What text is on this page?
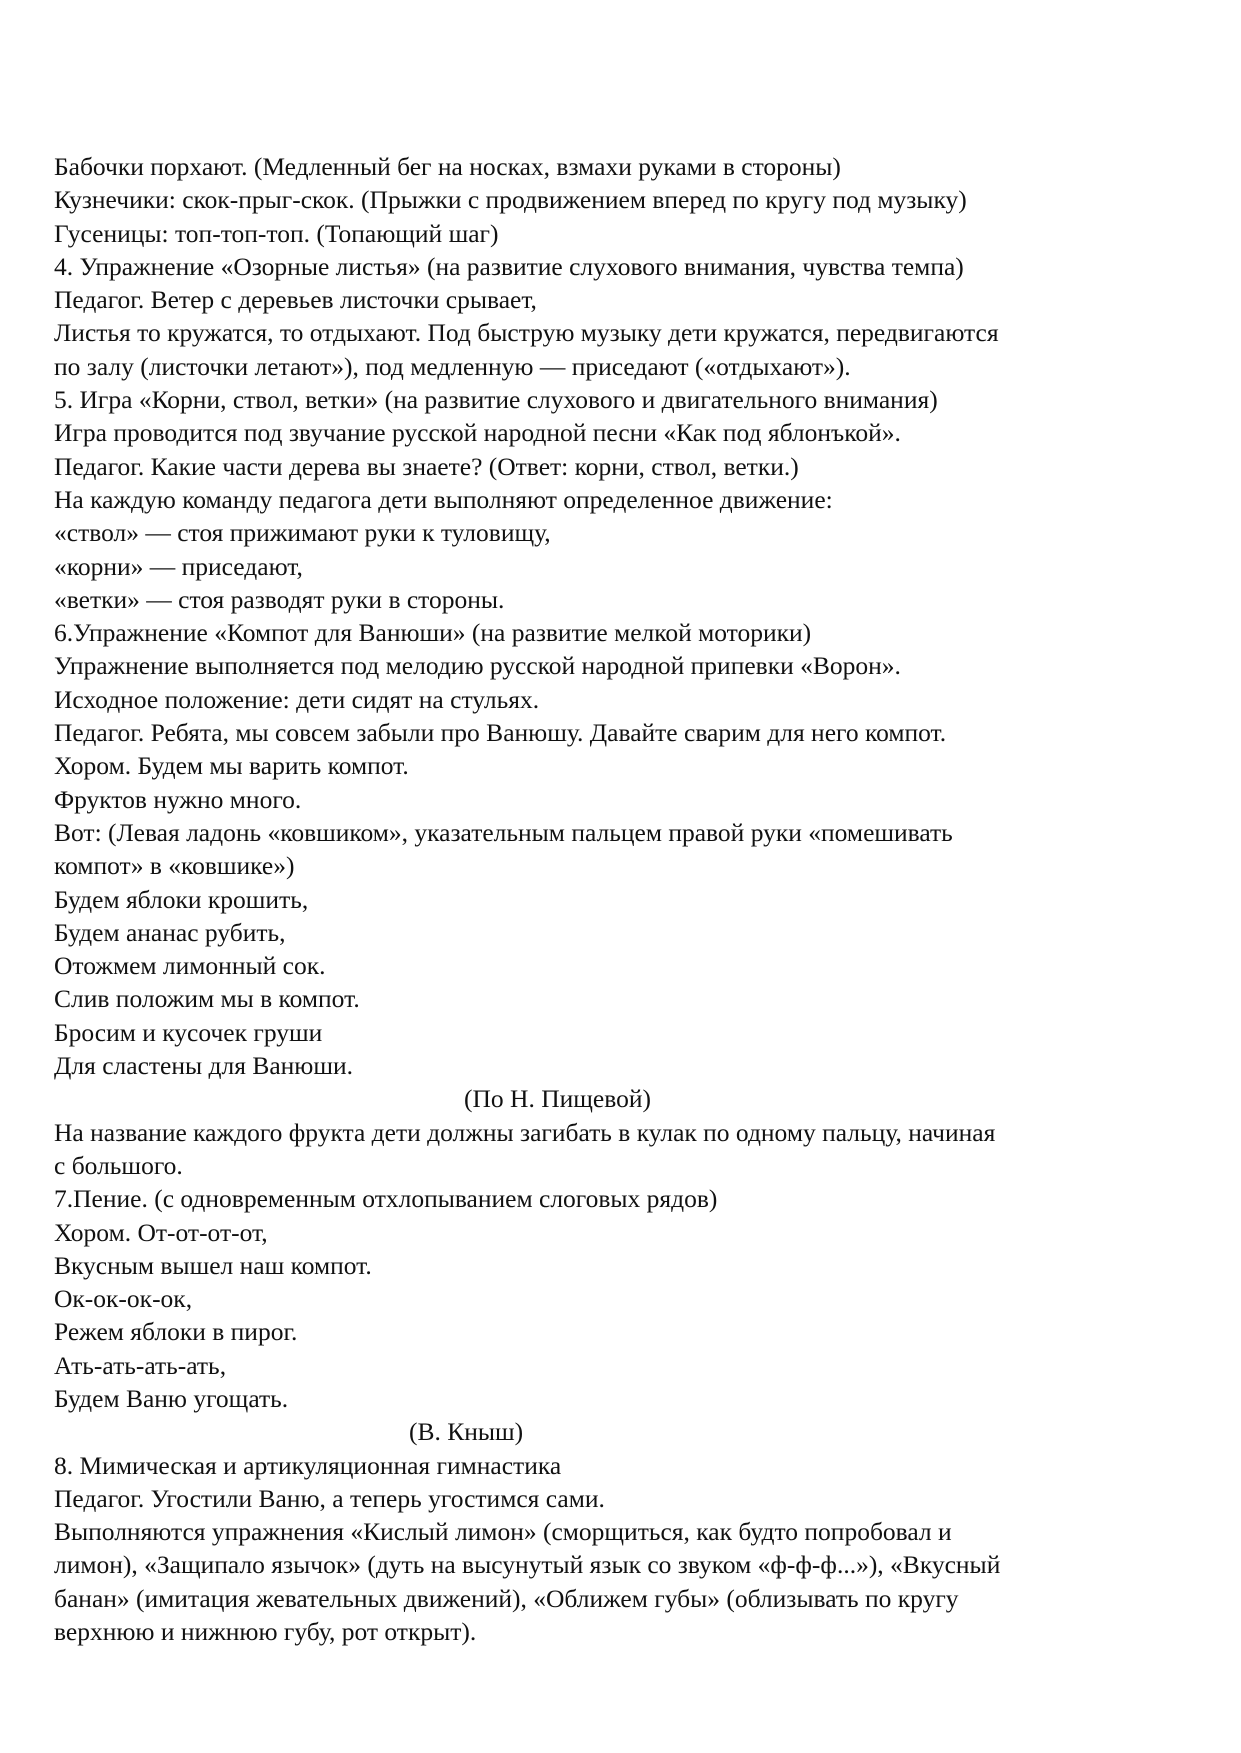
Бабочки порхают. (Медленный бег на носках, взмахи руками в стороны)
Кузнечики: скок-прыг-скок. (Прыжки с продвижением вперед по кругу под музыку)
Гусеницы: топ-топ-топ. (Топающий шаг)
4. Упражнение «Озорные листья» (на развитие слухового внимания, чувства темпа)
Педагог. Ветер с деревьев листочки срывает,
Листья то кружатся, то отдыхают. Под быструю музыку дети кружатся, передвигаются
по залу (листочки летают»), под медленную — приседают («отдыхают»).
5. Игра «Корни, ствол, ветки» (на развитие слухового и двигательного внимания)
Игра проводится под звучание русской народной песни «Как под яблонъкой».
Педагог. Какие части дерева вы знаете? (Ответ: корни, ствол, ветки.)
На каждую команду педагога дети выполняют определенное движение:
«ствол» — стоя прижимают руки к туловищу,
«корни» — приседают,
«ветки» — стоя разводят руки в стороны.
6.Упражнение «Компот для Ванюши» (на развитие мелкой моторики)
Упражнение выполняется под мелодию русской народной припевки «Ворон».
Исходное положение: дети сидят на стульях.
Педагог. Ребята, мы совсем забыли про Ванюшу. Давайте сварим для него компот.
Хором. Будем мы варить компот.
Фруктов нужно много.
Вот: (Левая ладонь «ковшиком», указательным пальцем правой руки «помешивать
компот» в «ковшике»)
Будем яблоки крошить,
Будем ананас рубить,
Отожмем лимонный сок.
Слив положим мы в компот.
Бросим и кусочек груши
Для сластены для Ванюши.
(По Н. Пищевой)
На название каждого фрукта дети должны загибать в кулак по одному пальцу, начиная
с большого.
7.Пение. (с одновременным отхлопыванием слоговых рядов)
Хором. От-от-от-от,
Вкусным вышел наш компот.
Ок-ок-ок-ок,
Режем яблоки в пирог.
Ать-ать-ать-ать,
Будем Ваню угощать.
(В. Кныш)
8. Мимическая и артикуляционная гимнастика
Педагог. Угостили Ваню, а теперь угостимся сами.
Выполняются упражнения «Кислый лимон» (сморщиться, как будто попробовал и
лимон), «Защипало язычок» (дуть на высунутый язык со звуком «ф-ф-ф...»), «Вкусный
банан» (имитация жевательных движений), «Оближем губы» (облизывать по кругу
верхнюю и нижнюю губу, рот открыт).
